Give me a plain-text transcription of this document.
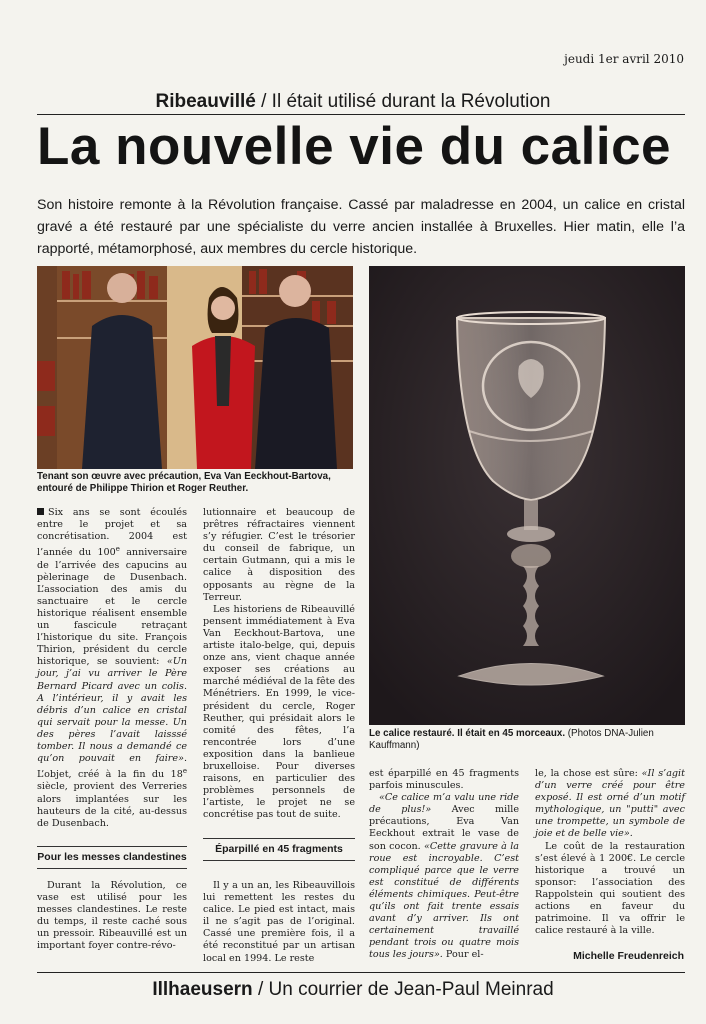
jeudi 1er avril 2010
Ribeauvillé / Il était utilisé durant la Révolution
La nouvelle vie du calice
Son histoire remonte à la Révolution française. Cassé par maladresse en 2004, un calice en cristal gravé a été restauré par une spécialiste du verre ancien installée à Bruxelles. Hier matin, elle l’a rapporté, métamorphosé, aux membres du cercle historique.
Tenant son œuvre avec précaution, Eva Van Eeckhout-Bartova, entouré de Philippe Thirion et Roger Reuther.
Le calice restauré. Il était en 45 morceaux. (Photos DNA-Julien Kauffmann)

Six ans se sont écoulés entre le projet et sa concrétisation. 2004 est l’année du 100e anniversaire de l’arrivée des capucins au pèlerinage de Dusenbach. L’association des amis du sanctuaire et le cercle historique réalisent ensemble un fascicule retraçant l’historique du site. François Thirion, président du cercle historique, se souvient: «Un jour, j’ai vu arriver le Père Bernard Picard avec un colis. A l’intérieur, il y avait les débris d’un calice en cristal qui servait pour la messe. Un des pères l’avait laisssé tomber. Il nous a demandé ce qu’on pouvait en faire». L’objet, créé à la fin du 18e siècle, provient des Verreries alors implantées sur les hauteurs de la cité, au-dessus de Dusenbach.

Pour les messes clandestines

Durant la Révolution, ce vase est utilisé pour les messes clandestines. Le reste du temps, il reste caché sous un pressoir. Ribeauvillé est un important foyer contre-révo-

lutionnaire et beaucoup de prêtres réfractaires viennent s’y réfugier. C’est le trésorier du conseil de fabrique, un certain Gutmann, qui a mis le calice à disposition des opposants au règne de la Terreur.

Les historiens de Ribeauvillé pensent immédiatement à Eva Van Eeckhout-Bartova, une artiste italo-belge, qui, depuis onze ans, vient chaque année exposer ses créations au marché médiéval de la fête des Ménétriers. En 1999, le vice-président du cercle, Roger Reuther, qui présidait alors le comité des fêtes, l’a rencontrée lors d’une exposition dans la banlieue bruxelloise. Pour diverses raisons, en particulier des problèmes personnels de l’artiste, le projet ne se concrétise pas tout de suite.

Éparpillé en 45 fragments

Il y a un an, les Ribeauvillois lui remettent les restes du calice. Le pied est intact, mais il ne s’agit pas de l’original. Cassé une première fois, il a été reconstitué par un artisan local en 1994. Le reste

est éparpillé en 45 fragments parfois minuscules.

«Ce calice m’a valu une ride de plus!» Avec mille précautions, Eva Van Eeckhout extrait le vase de son cocon. «Cette gravure à la roue est incroyable. C’est compliqué parce que le verre est constitué de différents éléments chimiques. Peut-être qu’ils ont fait trente essais avant d’y arriver. Ils ont certainement travaillé pendant trois ou quatre mois tous les jours». Pour el-

le, la chose est sûre: «Il s’agit d’un verre créé pour être exposé. Il est orné d’un motif mythologique, un "putti" avec une trompette, un symbole de joie et de belle vie».

Le coût de la restauration s’est élevé à 1 200€. Le cercle historique a trouvé un sponsor: l’association des Rappolstein qui soutient des actions en faveur du patrimoine. Il va offrir le calice restauré à la ville.

Michelle Freudenreich
Illhaeusern / Un courrier de Jean-Paul Meinrad
